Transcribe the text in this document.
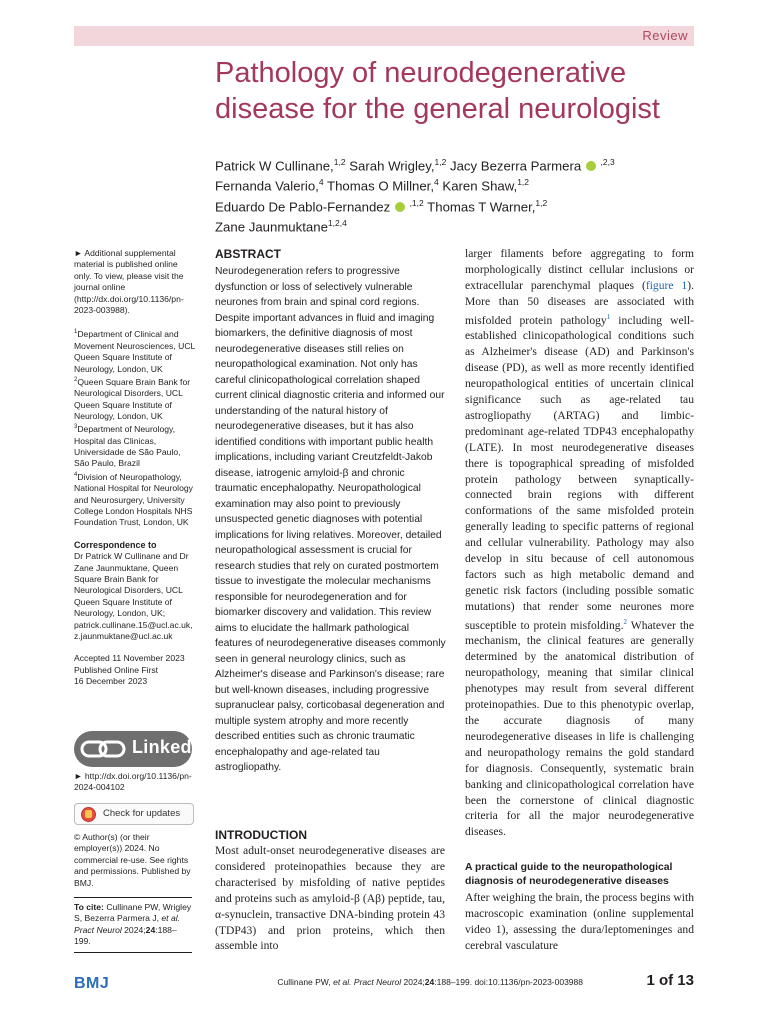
Review
Pathology of neurodegenerative disease for the general neurologist
Patrick W Cullinane,$^{1,2}$ Sarah Wrigley,$^{1,2}$ Jacy Bezerra Parmera $^{,2,3}$
Fernanda Valerio,$^4$ Thomas O Millner,$^4$ Karen Shaw,$^{1,2}$
Eduardo De Pablo-Fernandez $^{,1,2}$ Thomas T Warner,$^{1,2}$
Zane Jaunmuktane$^{1,2,4}$

► Additional supplemental material is published online only. To view, please visit the journal online (http://dx.doi.org/10.1136/pn-2023-003988).

$^1$Department of Clinical and Movement Neurosciences, UCL Queen Square Institute of Neurology, London, UK

$^2$Queen Square Brain Bank for Neurological Disorders, UCL Queen Square Institute of Neurology, London, UK

$^3$Department of Neurology, Hospital das Clinicas, Universidade de São Paulo, São Paulo, Brazil

$^4$Division of Neuropathology, National Hospital for Neurology and Neurosurgery, University College London Hospitals NHS Foundation Trust, London, UK

Correspondence to

Dr Patrick W Cullinane and Dr Zane Jaunmuktane, Queen Square Brain Bank for Neurological Disorders, UCL Queen Square Institute of Neurology, London, UK; patrick.cullinane.15@ucl.ac.uk, z.jaunmuktane@ucl.ac.uk

Accepted 11 November 2023

Published Online First

16 December 2023

Linked
► http://dx.doi.org/10.1136/pn-2024-004102
Check for updates
© Author(s) (or their employer(s)) 2024. No commercial re-use. See rights and permissions. Published by BMJ.
To cite: Cullinane PW, Wrigley S, Bezerra Parmera J, et al. Pract Neurol 2024;24:188–199.
ABSTRACT
Neurodegeneration refers to progressive dysfunction or loss of selectively vulnerable neurones from brain and spinal cord regions. Despite important advances in fluid and imaging biomarkers, the definitive diagnosis of most neurodegenerative diseases still relies on neuropathological examination. Not only has careful clinicopathological correlation shaped current clinical diagnostic criteria and informed our understanding of the natural history of neurodegenerative diseases, but it has also identified conditions with important public health implications, including variant Creutzfeldt-Jakob disease, iatrogenic amyloid-β and chronic traumatic encephalopathy. Neuropathological examination may also point to previously unsuspected genetic diagnoses with potential implications for living relatives. Moreover, detailed neuropathological assessment is crucial for research studies that rely on curated postmortem tissue to investigate the molecular mechanisms responsible for neurodegeneration and for biomarker discovery and validation. This review aims to elucidate the hallmark pathological features of neurodegenerative diseases commonly seen in general neurology clinics, such as Alzheimer's disease and Parkinson's disease; rare but well-known diseases, including progressive supranuclear palsy, corticobasal degeneration and multiple system atrophy and more recently described entities such as chronic traumatic encephalopathy and age-related tau astrogliopathy.
INTRODUCTION
Most adult-onset neurodegenerative diseases are considered proteinopathies because they are characterised by misfolding of native peptides and proteins such as amyloid-β (Aβ) peptide, tau, α-synuclein, transactive DNA-binding protein 43 (TDP43) and prion proteins, which then assemble into
larger filaments before aggregating to form morphologically distinct cellular inclusions or extracellular parenchymal plaques (figure 1). More than 50 diseases are associated with misfolded protein pathology$^1$ including well-established clinicopathological conditions such as Alzheimer's disease (AD) and Parkinson's disease (PD), as well as more recently identified neuropathological entities of uncertain clinical significance such as age-related tau astrogliopathy (ARTAG) and limbic-predominant age-related TDP43 encephalopathy (LATE). In most neurodegenerative diseases there is topographical spreading of misfolded protein pathology between synaptically-connected brain regions with different conformations of the same misfolded protein generally leading to specific patterns of regional and cellular vulnerability. Pathology may also develop in situ because of cell autonomous factors such as high metabolic demand and genetic risk factors (including possible somatic mutations) that render some neurones more susceptible to protein misfolding.$^2$ Whatever the mechanism, the clinical features are generally determined by the anatomical distribution of neuropathology, meaning that similar clinical phenotypes may result from several different proteinopathies. Due to this phenotypic overlap, the accurate diagnosis of many neurodegenerative diseases in life is challenging and neuropathology remains the gold standard for diagnosis. Consequently, systematic brain banking and clinicopathological correlation have been the cornerstone of clinical diagnostic criteria for all the major neurodegenerative diseases.
A practical guide to the neuropathological diagnosis of neurodegenerative diseases
After weighing the brain, the process begins with macroscopic examination (online supplemental video 1), assessing the dura/leptomeninges and cerebral vasculature
BMJ	Cullinane PW, et al. Pract Neurol 2024;24:188–199. doi:10.1136/pn-2023-003988	1 of 13
